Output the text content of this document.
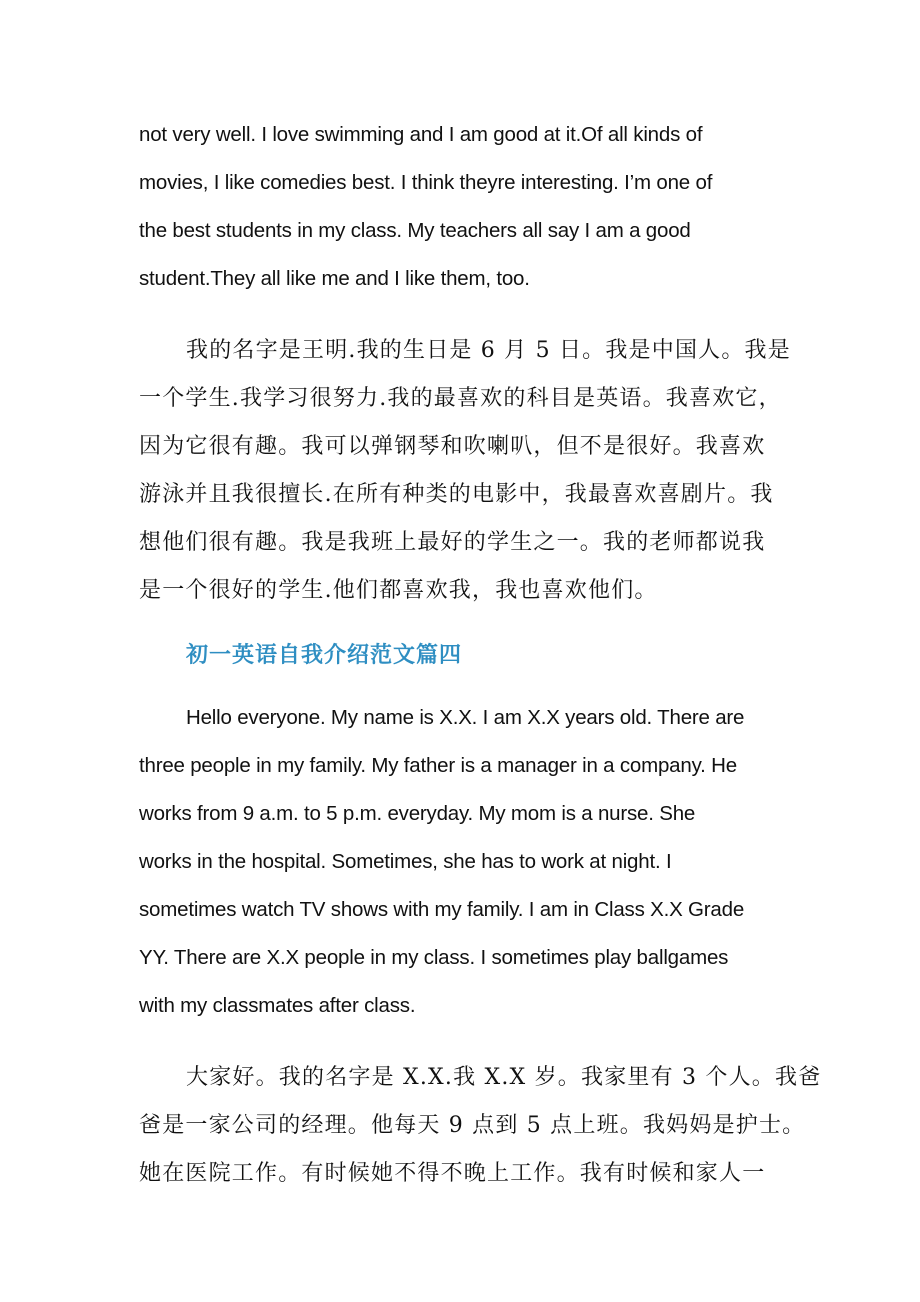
not very well. I love swimming and I am good at it.Of all kinds of
movies, I like comedies best. I think theyre interesting. I’m one of
the best students in my class. My teachers all say I am a good
student.They all like me and I like them, too.
我的名字是王明.我的生日是 6 月 5 日。我是中国人。我是
一个学生.我学习很努力.我的最喜欢的科目是英语。我喜欢它，
因为它很有趣。我可以弹钢琴和吹喇叭，但不是很好。我喜欢
游泳并且我很擅长.在所有种类的电影中，我最喜欢喜剧片。我
想他们很有趣。我是我班上最好的学生之一。我的老师都说我
是一个很好的学生.他们都喜欢我，我也喜欢他们。
初一英语自我介绍范文篇四
Hello everyone. My name is X.X. I am X.X years old. There are
three people in my family. My father is a manager in a company. He
works from 9 a.m. to 5 p.m. everyday. My mom is a nurse. She
works in the hospital. Sometimes, she has to work at night. I
sometimes watch TV shows with my family. I am in Class X.X Grade
YY. There are X.X people in my class. I sometimes play ballgames
with my classmates after class.
大家好。我的名字是 X.X.我 X.X 岁。我家里有 3 个人。我爸
爸是一家公司的经理。他每天 9 点到 5 点上班。我妈妈是护士。
她在医院工作。有时候她不得不晚上工作。我有时候和家人一
